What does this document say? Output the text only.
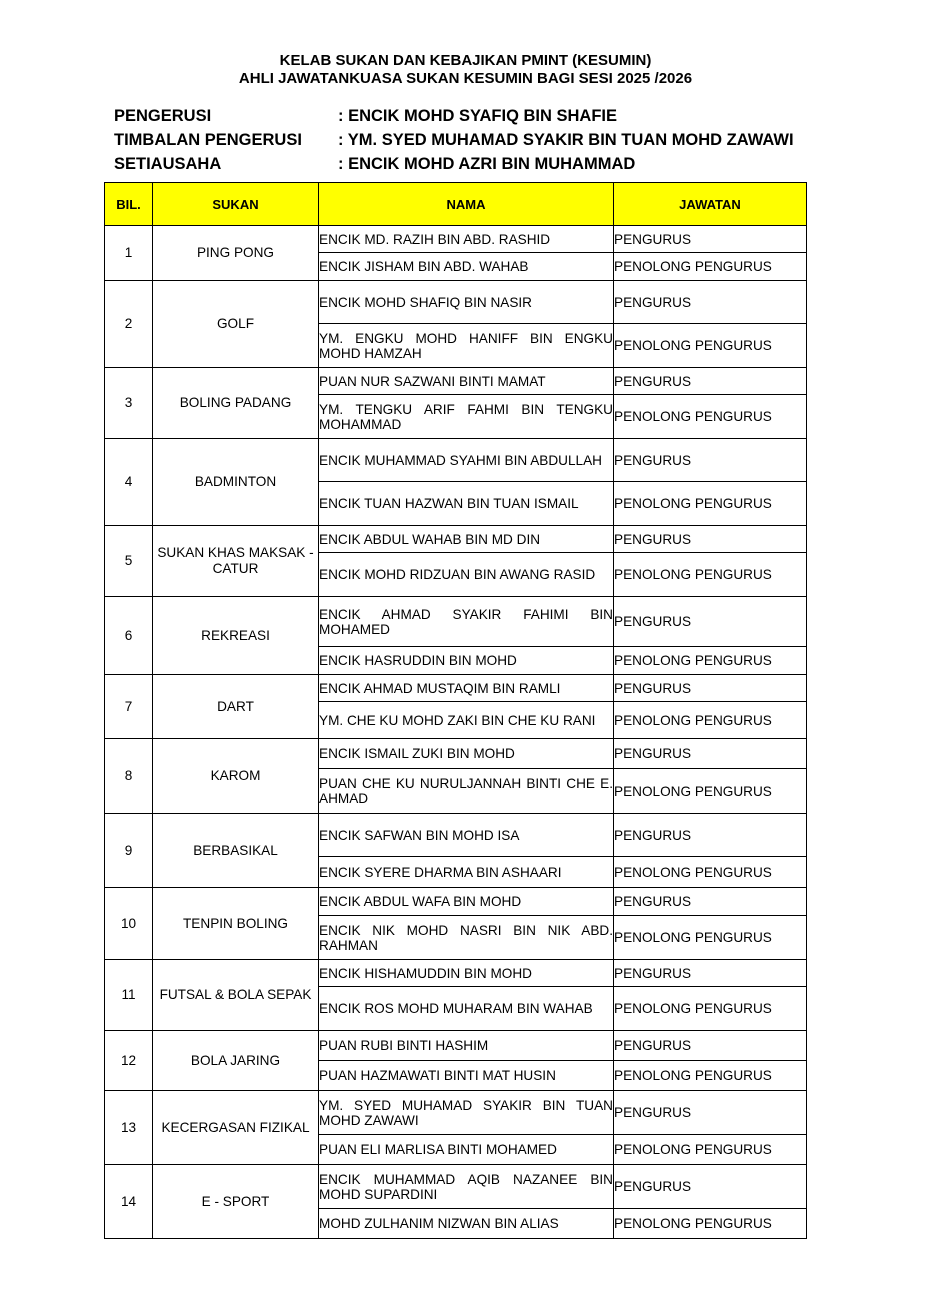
KELAB SUKAN DAN KEBAJIKAN PMINT (KESUMIN)
AHLI JAWATANKUASA SUKAN KESUMIN BAGI SESI 2025 /2026
PENGERUSI	: ENCIK MOHD SYAFIQ BIN SHAFIE
TIMBALAN PENGERUSI : YM. SYED MUHAMAD SYAKIR BIN TUAN MOHD ZAWAWI
SETIAUSAHA	: ENCIK MOHD AZRI BIN MUHAMMAD
BIL.	SUKAN	NAMA	JAWATAN
1	PING PONG	ENCIK MD. RAZIH BIN ABD. RASHID	PENGURUS
		ENCIK JISHAM BIN ABD. WAHAB	PENOLONG PENGURUS
2	GOLF	ENCIK MOHD SHAFIQ BIN NASIR	PENGURUS
		YM. ENGKU MOHD HANIFF BIN ENGKU MOHD HAMZAH	PENOLONG PENGURUS
3	BOLING PADANG	PUAN NUR SAZWANI BINTI MAMAT	PENGURUS
		YM. TENGKU ARIF FAHMI BIN TENGKU MOHAMMAD	PENOLONG PENGURUS
4	BADMINTON	ENCIK MUHAMMAD SYAHMI BIN ABDULLAH	PENGURUS
		ENCIK TUAN HAZWAN BIN TUAN ISMAIL	PENOLONG PENGURUS
5	SUKAN KHAS MAKSAK - CATUR	ENCIK ABDUL WAHAB BIN MD DIN	PENGURUS
		ENCIK MOHD RIDZUAN BIN AWANG RASID	PENOLONG PENGURUS
6	REKREASI	ENCIK AHMAD SYAKIR FAHIMI BIN MOHAMED	PENGURUS
		ENCIK HASRUDDIN BIN MOHD	PENOLONG PENGURUS
7	DART	ENCIK AHMAD MUSTAQIM BIN RAMLI	PENGURUS
		YM. CHE KU MOHD ZAKI BIN CHE KU RANI	PENOLONG PENGURUS
8	KAROM	ENCIK ISMAIL ZUKI BIN MOHD	PENGURUS
		PUAN CHE KU NURULJANNAH BINTI CHE E. AHMAD	PENOLONG PENGURUS
9	BERBASIKAL	ENCIK SAFWAN BIN MOHD ISA	PENGURUS
		ENCIK SYERE DHARMA BIN ASHAARI	PENOLONG PENGURUS
10	TENPIN BOLING	ENCIK ABDUL WAFA BIN MOHD	PENGURUS
		ENCIK NIK MOHD NASRI BIN NIK ABD. RAHMAN	PENOLONG PENGURUS
11	FUTSAL & BOLA SEPAK	ENCIK HISHAMUDDIN BIN MOHD	PENGURUS
		ENCIK ROS MOHD MUHARAM BIN WAHAB	PENOLONG PENGURUS
12	BOLA JARING	PUAN RUBI BINTI HASHIM	PENGURUS
		PUAN HAZMAWATI BINTI MAT HUSIN	PENOLONG PENGURUS
13	KECERGASAN FIZIKAL	YM. SYED MUHAMAD SYAKIR BIN TUAN MOHD ZAWAWI	PENGURUS
		PUAN ELI MARLISA BINTI MOHAMED	PENOLONG PENGURUS
14	E - SPORT	ENCIK MUHAMMAD AQIB NAZANEE BIN MOHD SUPARDINI	PENGURUS
		MOHD ZULHANIM NIZWAN BIN ALIAS	PENOLONG PENGURUS
